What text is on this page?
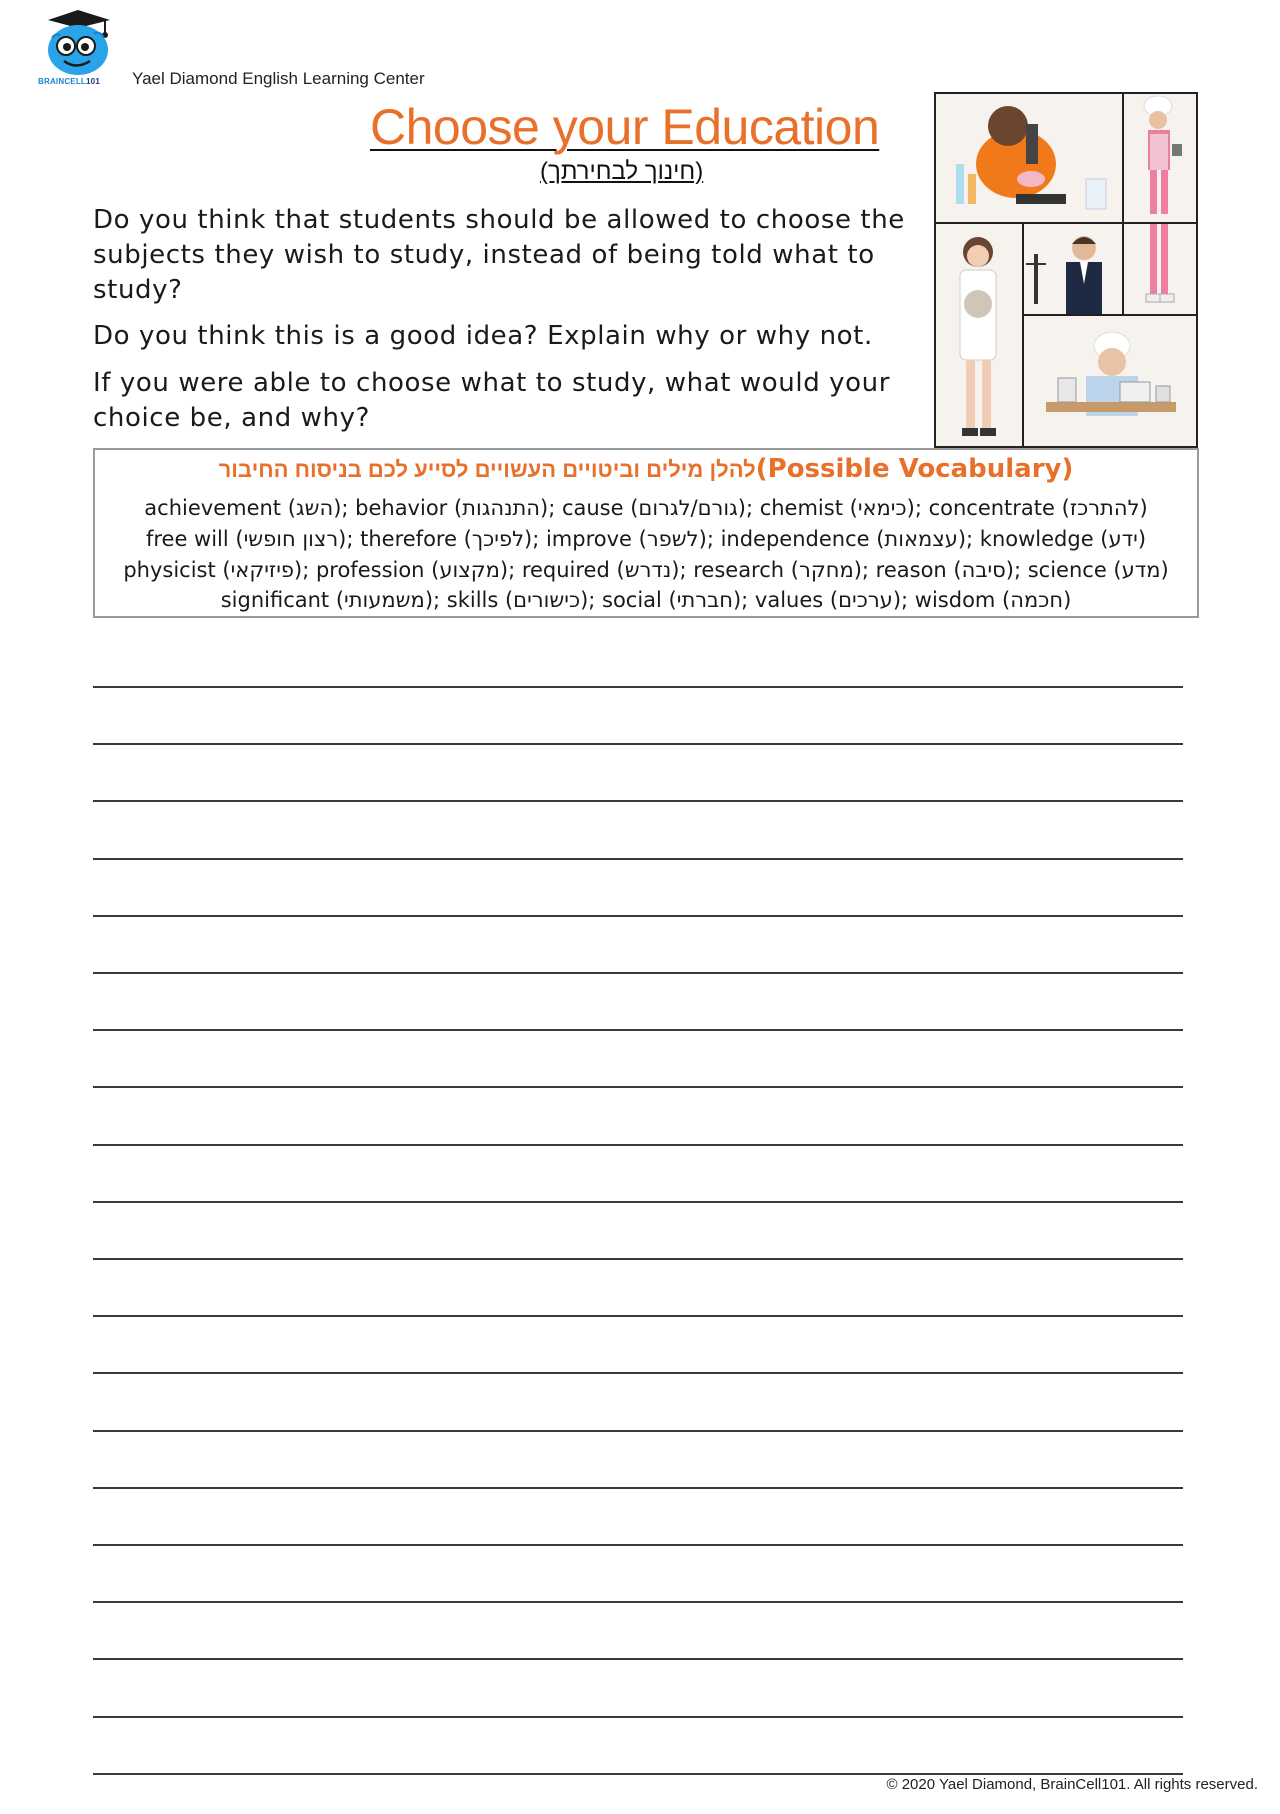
BRAINCELL101 Yael Diamond English Learning Center
Choose your Education
(חינוך לבחירתך)

Do you think that students should be allowed to choose the subjects they wish to study, instead of being told what to study?

Do you think this is a good idea? Explain why or why not.

If you were able to choose what to study, what would your choice be, and why?

להלן מילים וביטויים העשויים לסייע לכם בניסוח החיבור(Possible Vocabulary)
achievement (השג); behavior (התנהגות); cause (גורם/לגרום); chemist (כימאי); concentrate (להתרכז)
free will (רצון חופשי); therefore (לפיכך); improve (לשפר); independence (עצמאות); knowledge (ידע)
physicist (פיזיקאי); profession (מקצוע); required (נדרש); research (מחקר); reason (סיבה); science (מדע)
significant (משמעותי); skills (כישורים); social (חברתי); values (ערכים); wisdom (חכמה)
© 2020 Yael Diamond, BrainCell101. All rights reserved.
